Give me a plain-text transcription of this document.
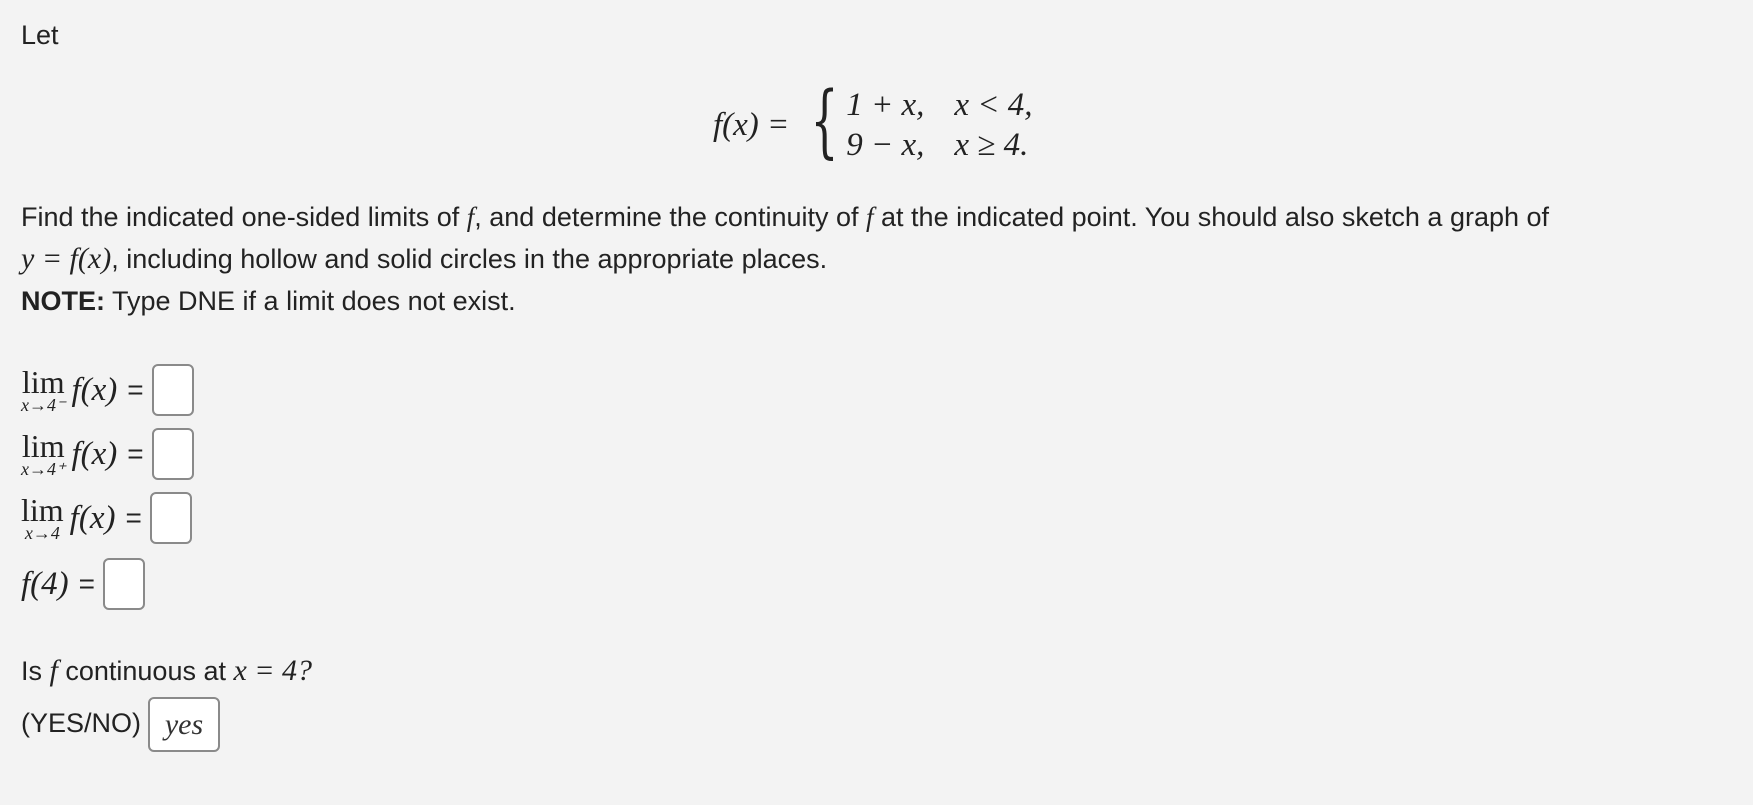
Let
f(x) = { 1 + x, x < 4,
9 − x, x ≥ 4.
Find the indicated one-sided limits of f, and determine the continuity of f at the indicated point. You should also sketch a graph of
y = f(x), including hollow and solid circles in the appropriate places.
NOTE: Type DNE if a limit does not exist.
lim
x→4⁻ f(x) =
lim
x→4⁺ f(x) =
lim
x→4 f(x) =
f(4) =
Is f continuous at x = 4?
(YES/NO) yes
